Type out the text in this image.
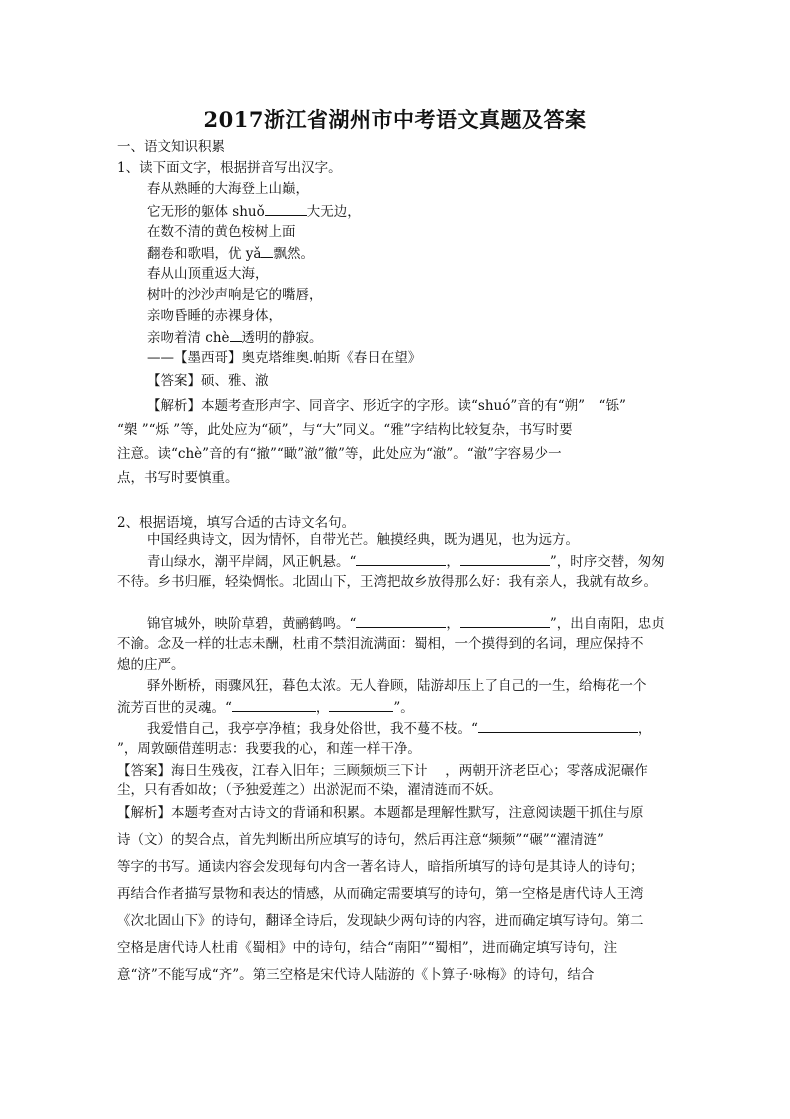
2017浙江省湖州市中考语文真题及答案
一、语文知识积累
1、读下面文字，根据拼音写出汉字。
春从熟睡的大海登上山巅，
它无形的躯体 shuǒ	大无边，
在数不清的黄色桉树上面
翻卷和歌唱，优 yǎ 飘然。
春从山顶重返大海，
树叶的沙沙声响是它的嘴唇，
亲吻昏睡的赤裸身体，
亲吻着清 chè 透明的静寂。
——【墨西哥】奥克塔维奥.帕斯《春日在望》
【答案】硕、雅、澈
【解析】本题考查形声字、同音字、形近字的字形。读“shuó”音的有“朔”　“铄”
“槊 ”“烁 ”等，此处应为“硕”，与“大”同义。“雅”字结构比较复杂，书写时要
注意。读“chè”音的有“撤”“瞰”澈”徹”等，此处应为“澈”。“澈”字容易少一
点，书写时要慎重。
2、根据语境，填写合适的古诗文名句。
中国经典诗文，因为情怀，自带光芒。触摸经典，既为遇见，也为远方。
青山绿水，潮平岸阔，风正帆悬。“	，	”，时序交替，匆匆
不待。乡书归雁，轻染惆怅。北固山下，王湾把故乡放得那么好：我有亲人，我就有故乡。
锦官城外，映阶草碧，黄鹂鹤鸣。“	，	”，出自南阳，忠贞
不渝。念及一样的壮志未酬，杜甫不禁泪流满面：蜀相，一个摸得到的名词，理应保持不
熄的庄严。
驿外断桥，雨骤风狂，暮色太浓。无人眷顾，陆游却压上了自己的一生，给梅花一个
流芳百世的灵魂。“	，	”。
我爱惜自己，我亭亭净植；我身处俗世，我不蔓不枝。“	，
”，周敦颐借莲明志：我要我的心，和莲一样干净。
【答案】海日生残夜，江春入旧年；三顾频烦三下计　 ，两朝开济老臣心；零落成泥碾作
尘，只有香如故；（予独爱莲之）出淤泥而不染，濯清涟而不妖。
【解析】本题考查对古诗文的背诵和积累。本题都是理解性默写，注意阅读题干抓住与原
诗（文）的契合点，首先判断出所应填写的诗句，然后再注意“频频”“碾”“濯清涟”
等字的书写。通读内容会发现每句内含一著名诗人，暗指所填写的诗句是其诗人的诗句；
再结合作者描写景物和表达的情感，从而确定需要填写的诗句，第一空格是唐代诗人王湾
《次北固山下》的诗句，翻译全诗后，发现缺少两句诗的内容，进而确定填写诗句。第二
空格是唐代诗人杜甫《蜀相》中的诗句，结合“南阳”“蜀相”，进而确定填写诗句，注
意“济”不能写成“齐”。第三空格是宋代诗人陆游的《卜算子·咏梅》的诗句，结合
